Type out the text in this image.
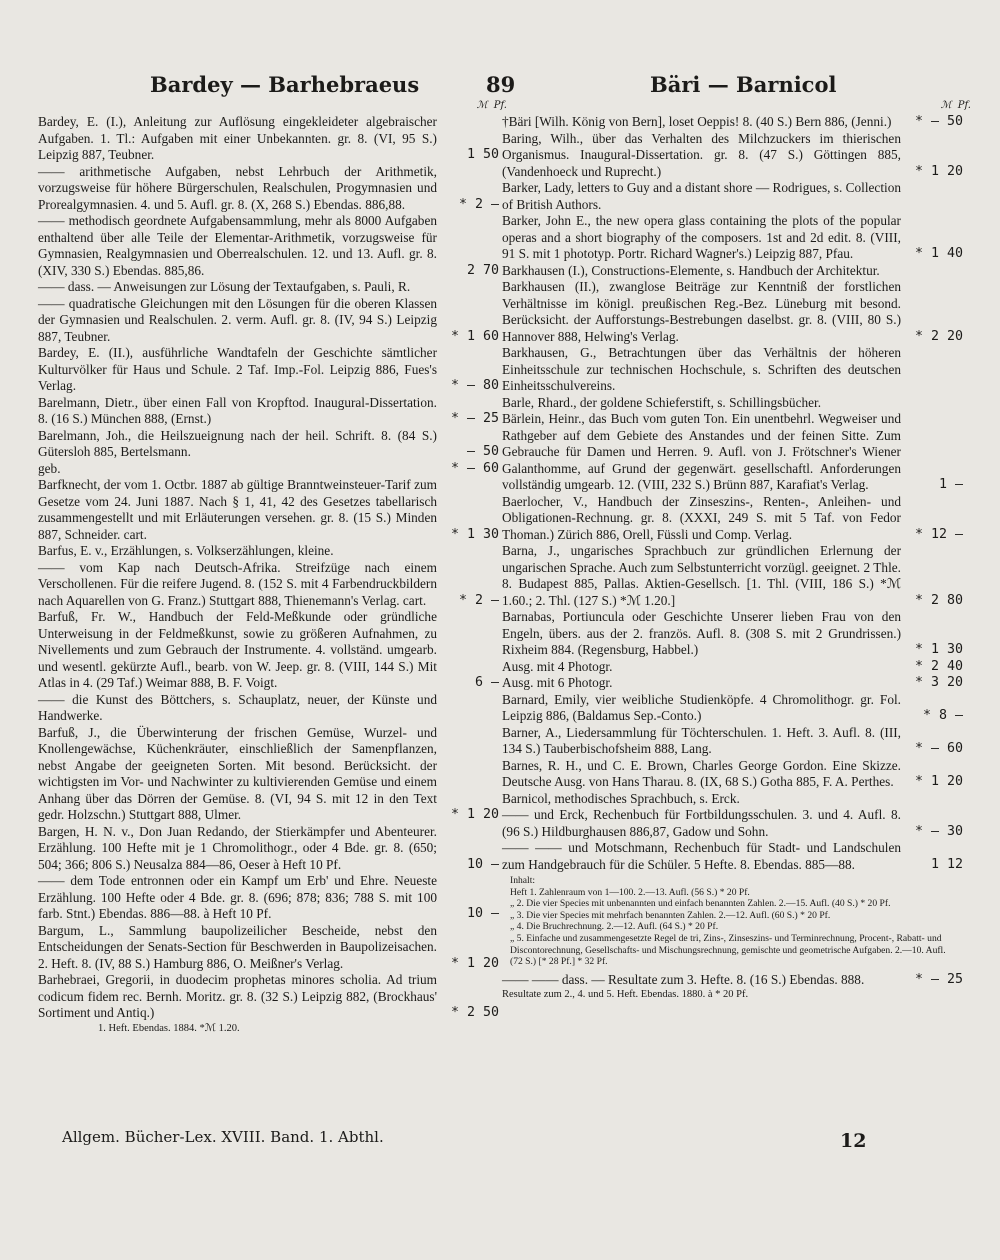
Bardey — Barhebraeus	89	Bäri — Barnicol
ℳ  Pf.
Bardey, E. (I.), Anleitung zur Auflösung eingekleideter algebraischer Aufgaben. 1. Tl.: Aufgaben mit einer Unbekannten. gr. 8. (VI, 95 S.) Leipzig 887, Teubner.	1 50
—— arithmetische Aufgaben, nebst Lehrbuch der Arithmetik, vorzugsweise für höhere Bürgerschulen, Realschulen, Progymnasien und Prorealgymnasien. 4. und 5. Aufl. gr. 8. (X, 268 S.) Ebendas. 886,88.	* 2 —
—— methodisch geordnete Aufgabensammlung, mehr als 8000 Aufgaben enthaltend über alle Teile der Elementar-Arithmetik, vorzugsweise für Gymnasien, Realgymnasien und Oberrealschulen. 12. und 13. Aufl. gr. 8. (XIV, 330 S.) Ebendas. 885,86.	2 70
—— dass. — Anweisungen zur Lösung der Textaufgaben, s. Pauli, R.
—— quadratische Gleichungen mit den Lösungen für die oberen Klassen der Gymnasien und Realschulen. 2. verm. Aufl. gr. 8. (IV, 94 S.) Leipzig 887, Teubner.	* 1 60
Bardey, E. (II.), ausführliche Wandtafeln der Geschichte sämtlicher Kulturvölker für Haus und Schule. 2 Taf. Imp.-Fol. Leipzig 886, Fues's Verlag.	* — 80
Barelmann, Dietr., über einen Fall von Kropftod. Inaugural-Dissertation. 8. (16 S.) München 888, (Ernst.)	* — 25
Barelmann, Joh., die Heilszueignung nach der heil. Schrift. 8. (84 S.) Gütersloh 885, Bertelsmann.	— 50
geb.	* — 60
Barfknecht, der vom 1. Octbr. 1887 ab gültige Branntweinsteuer-Tarif zum Gesetze vom 24. Juni 1887. Nach § 1, 41, 42 des Gesetzes tabellarisch zusammengestellt und mit Erläuterungen versehen. gr. 8. (15 S.) Minden 887, Schneider. cart.	* 1 30
Barfus, E. v., Erzählungen, s. Volkserzählungen, kleine.
—— vom Kap nach Deutsch-Afrika. Streifzüge nach einem Verschollenen. Für die reifere Jugend. 8. (152 S. mit 4 Farbendruckbildern nach Aquarellen von G. Franz.) Stuttgart 888, Thienemann's Verlag. cart. * 2 —
Barfuß, Fr. W., Handbuch der Feld-Meßkunde oder gründliche Unterweisung in der Feldmeßkunst, sowie zu größeren Aufnahmen, zu Nivellements und zum Gebrauch der Instrumente. 4. vollständ. umgearb. und wesentl. gekürzte Aufl., bearb. von W. Jeep. gr. 8. (VIII, 144 S.) Mit Atlas in 4. (29 Taf.) Weimar 888, B. F. Voigt.	6 —
—— die Kunst des Böttchers, s. Schauplatz, neuer, der Künste und Handwerke.
Barfuß, J., die Überwinterung der frischen Gemüse, Wurzel- und Knollengewächse, Küchenkräuter, einschließlich der Samenpflanzen, nebst Angabe der geeigneten Sorten. Mit besond. Berücksicht. der wichtigsten im Vor- und Nachwinter zu kultivierenden Gemüse und einem Anhang über das Dörren der Gemüse. 8. (VI, 94 S. mit 12 in den Text gedr. Holzschn.) Stuttgart 888, Ulmer.	* 1 20
Bargen, H. N. v., Don Juan Redando, der Stierkämpfer und Abenteurer. Erzählung. 100 Hefte mit je 1 Chromolithogr., oder 4 Bde. gr. 8. (650; 504; 366; 806 S.) Neusalza 884—86, Oeser à Heft 10 Pf.	10 —
—— dem Tode entronnen oder ein Kampf um Erb' und Ehre. Neueste Erzählung. 100 Hefte oder 4 Bde. gr. 8. (696; 878; 836; 788 S. mit 100 farb. Stnt.) Ebendas. 886—88. à Heft 10 Pf.	10 —
Bargum, L., Sammlung baupolizeilicher Bescheide, nebst den Entscheidungen der Senats-Section für Beschwerden in Baupolizeisachen. 2. Heft. 8. (IV, 88 S.) Hamburg 886, O. Meißner's Verlag.	* 1 20
Barhebraei, Gregorii, in duodecim prophetas minores scholia. Ad trium codicum fidem rec. Bernh. Moritz. gr. 8. (32 S.) Leipzig 882, (Brockhaus' Sortiment und Antiq.)	* 2 50
1. Heft. Ebendas. 1884. *ℳ 1.20.
ℳ  Pf.
†Bäri [Wilh. König von Bern], loset Oeppis! 8. (40 S.) Bern 886, (Jenni.) * — 50
Baring, Wilh., über das Verhalten des Milchzuckers im thierischen Organismus. Inaugural-Dissertation. gr. 8. (47 S.) Göttingen 885, (Vandenhoeck und Ruprecht.)	* 1 20
Barker, Lady, letters to Guy and a distant shore — Rodrigues, s. Collection of British Authors.
Barker, John E., the new opera glass containing the plots of the popular operas and a short biography of the composers. 1st and 2d edit. 8. (VIII, 91 S. mit 1 phototyp. Portr. Richard Wagner's.) Leipzig 887, Pfau.	* 1 40
Barkhausen (I.), Constructions-Elemente, s. Handbuch der Architektur.
Barkhausen (II.), zwanglose Beiträge zur Kenntniß der forstlichen Verhältnisse im königl. preußischen Reg.-Bez. Lüneburg mit besond. Berücksicht. der Aufforstungs-Bestrebungen daselbst. gr. 8. (VIII, 80 S.) Hannover 888, Helwing's Verlag.	* 2 20
Barkhausen, G., Betrachtungen über das Verhältnis der höheren Einheitsschule zur technischen Hochschule, s. Schriften des deutschen Einheitsschulvereins.
Barle, Rhard., der goldene Schieferstift, s. Schillingsbücher.
Bärlein, Heinr., das Buch vom guten Ton. Ein unentbehrl. Wegweiser und Rathgeber auf dem Gebiete des Anstandes und der feinen Sitte. Zum Gebrauche für Damen und Herren. 9. Aufl. von J. Frötschner's Wiener Galanthomme, auf Grund der gegenwärt. gesellschaftl. Anforderungen vollständig umgearb. 12. (VIII, 232 S.) Brünn 887, Karafiat's Verlag.	1 —
Baerlocher, V., Handbuch der Zinseszins-, Renten-, Anleihen- und Obligationen-Rechnung. gr. 8. (XXXI, 249 S. mit 5 Taf. von Fedor Thoman.) Zürich 886, Orell, Füssli und Comp. Verlag.	* 12 —
Barna, J., ungarisches Sprachbuch zur gründlichen Erlernung der ungarischen Sprache. Auch zum Selbstunterricht vorzügl. geeignet. 2 Thle. 8. Budapest 885, Pallas. Aktien-Gesellsch. [1. Thl. (VIII, 186 S.) *ℳ 1.60.; 2. Thl. (127 S.) *ℳ 1.20.]	* 2 80
Barnabas, Portiuncula oder Geschichte Unserer lieben Frau von den Engeln, übers. aus der 2. französ. Aufl. 8. (308 S. mit 2 Grundrissen.) Rixheim 884. (Regensburg, Habbel.)	* 1 30
Ausg. mit 4 Photogr.	* 2 40
Ausg. mit 6 Photogr.	* 3 20
Barnard, Emily, vier weibliche Studienköpfe. 4 Chromolithogr. gr. Fol. Leipzig 886, (Baldamus Sep.-Conto.)	* 8 —
Barner, A., Liedersammlung für Töchterschulen. 1. Heft. 3. Aufl. 8. (III, 134 S.) Tauberbischofsheim 888, Lang.	* — 60
Barnes, R. H., und C. E. Brown, Charles George Gordon. Eine Skizze. Deutsche Ausg. von Hans Tharau. 8. (IX, 68 S.) Gotha 885, F. A. Perthes. * 1 20
Barnicol, methodisches Sprachbuch, s. Erck.
—— und Erck, Rechenbuch für Fortbildungsschulen. 3. und 4. Aufl. 8. (96 S.) Hildburghausen 886,87, Gadow und Sohn.	* — 30
—— —— und Motschmann, Rechenbuch für Stadt- und Landschulen zum Handgebrauch für die Schüler. 5 Hefte. 8. Ebendas. 885—88.	1 12
Inhalt:
Heft 1. Zahlenraum von 1—100. 2.—13. Aufl. (56 S.) * 20 Pf.
„ 2. Die vier Species mit unbenannten und einfach benannten Zahlen. 2.—15. Aufl. (40 S.) * 20 Pf.
„ 3. Die vier Species mit mehrfach benannten Zahlen. 2.—12. Aufl. (60 S.) * 20 Pf.
„ 4. Die Bruchrechnung. 2.—12. Aufl. (64 S.) * 20 Pf.
„ 5. Einfache und zusammengesetzte Regel de tri, Zins-, Zinseszins- und Terminrechnung, Procent-, Rabatt- und Discontorechnung, Gesellschafts- und Mischungsrechnung, gemischte und geometrische Aufgaben. 2.—10. Aufl. (72 S.) [* 28 Pf.] * 32 Pf.
—— —— dass. — Resultate zum 3. Hefte. 8. (16 S.) Ebendas. 888.	* — 25
Resultate zum 2., 4. und 5. Heft. Ebendas. 1880. à * 20 Pf.
Allgem. Bücher-Lex. XVIII. Band. 1. Abthl.	12
